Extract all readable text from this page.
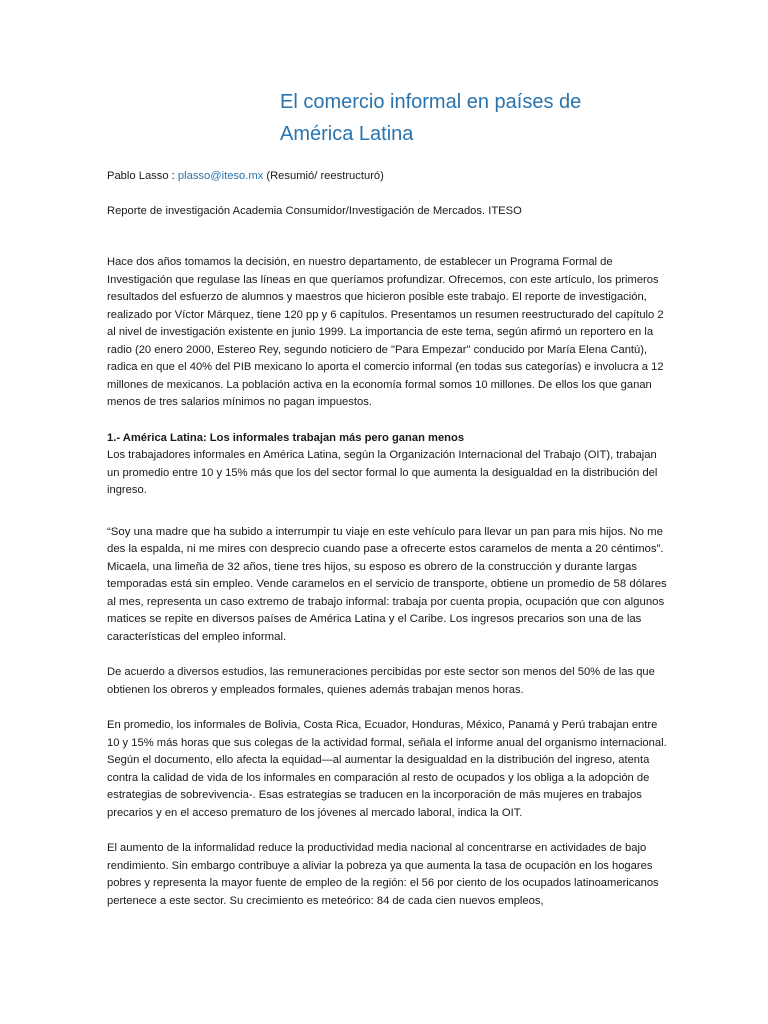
El comercio informal en países de
América Latina

Pablo Lasso : plasso@iteso.mx (Resumió/ reestructuró)

Reporte de investigación Academia Consumidor/Investigación de Mercados. ITESO

Hace dos años tomamos la decisión, en nuestro departamento, de establecer un Programa Formal de Investigación que regulase las líneas en que queríamos profundizar. Ofrecemos, con este artículo, los primeros resultados del esfuerzo de alumnos y maestros que hicieron posible este trabajo. El reporte de investigación, realizado por Víctor Márquez, tiene 120 pp y 6 capítulos. Presentamos un resumen reestructurado del capítulo 2 al nivel de investigación existente en junio 1999. La importancia de este tema, según afirmó un reportero en la radio (20 enero 2000, Estereo Rey, segundo noticiero de "Para Empezar" conducido por María Elena Cantú), radica en que el 40% del PIB mexicano lo aporta el comercio informal (en todas sus categorías) e involucra a 12 millones de mexicanos. La población activa en la economía formal somos 10 millones. De ellos los que ganan menos de tres salarios mínimos no pagan impuestos.

1.- América Latina: Los informales trabajan más pero ganan menos

Los trabajadores informales en América Latina, según la Organización Internacional del Trabajo (OIT), trabajan un promedio entre 10 y 15% más que los del sector formal lo que aumenta la desigualdad en la distribución del ingreso.

“Soy una madre que ha subido a interrumpir tu viaje en este vehículo para llevar un pan para mis hijos. No me des la espalda, ni me mires con desprecio cuando pase a ofrecerte estos caramelos de menta a 20 céntimos”. Micaela, una limeña de 32 años, tiene tres hijos, su esposo es obrero de la construcción y durante largas temporadas está sin empleo. Vende caramelos en el servicio de transporte, obtiene un promedio de 58 dólares al mes, representa un caso extremo de trabajo informal: trabaja por cuenta propia, ocupación que con algunos matices se repite en diversos países de América Latina y el Caribe. Los ingresos precarios son una de las características del empleo informal.

De acuerdo a diversos estudios, las remuneraciones percibidas por este sector son menos del 50% de las que obtienen los obreros y empleados formales, quienes además trabajan menos horas.

En promedio, los informales de Bolivia, Costa Rica, Ecuador, Honduras, México, Panamá y Perú trabajan entre 10 y 15% más horas que sus colegas de la actividad formal, señala el informe anual del organismo internacional. Según el documento, ello afecta la equidad—al aumentar la desigualdad en la distribución del ingreso, atenta contra la calidad de vida de los informales en comparación al resto de ocupados y los obliga a la adopción de estrategias de sobrevivencia-. Esas estrategias se traducen en la incorporación de más mujeres en trabajos precarios y en el acceso prematuro de los jóvenes al mercado laboral, indica la OIT.

El aumento de la informalidad reduce la productividad media nacional al concentrarse en actividades de bajo rendimiento. Sin embargo contribuye a aliviar la pobreza ya que aumenta la tasa de ocupación en los hogares pobres y representa la mayor fuente de empleo de la región: el 56 por ciento de los ocupados latinoamericanos pertenece a este sector. Su crecimiento es meteórico: 84 de cada cien nuevos empleos,
